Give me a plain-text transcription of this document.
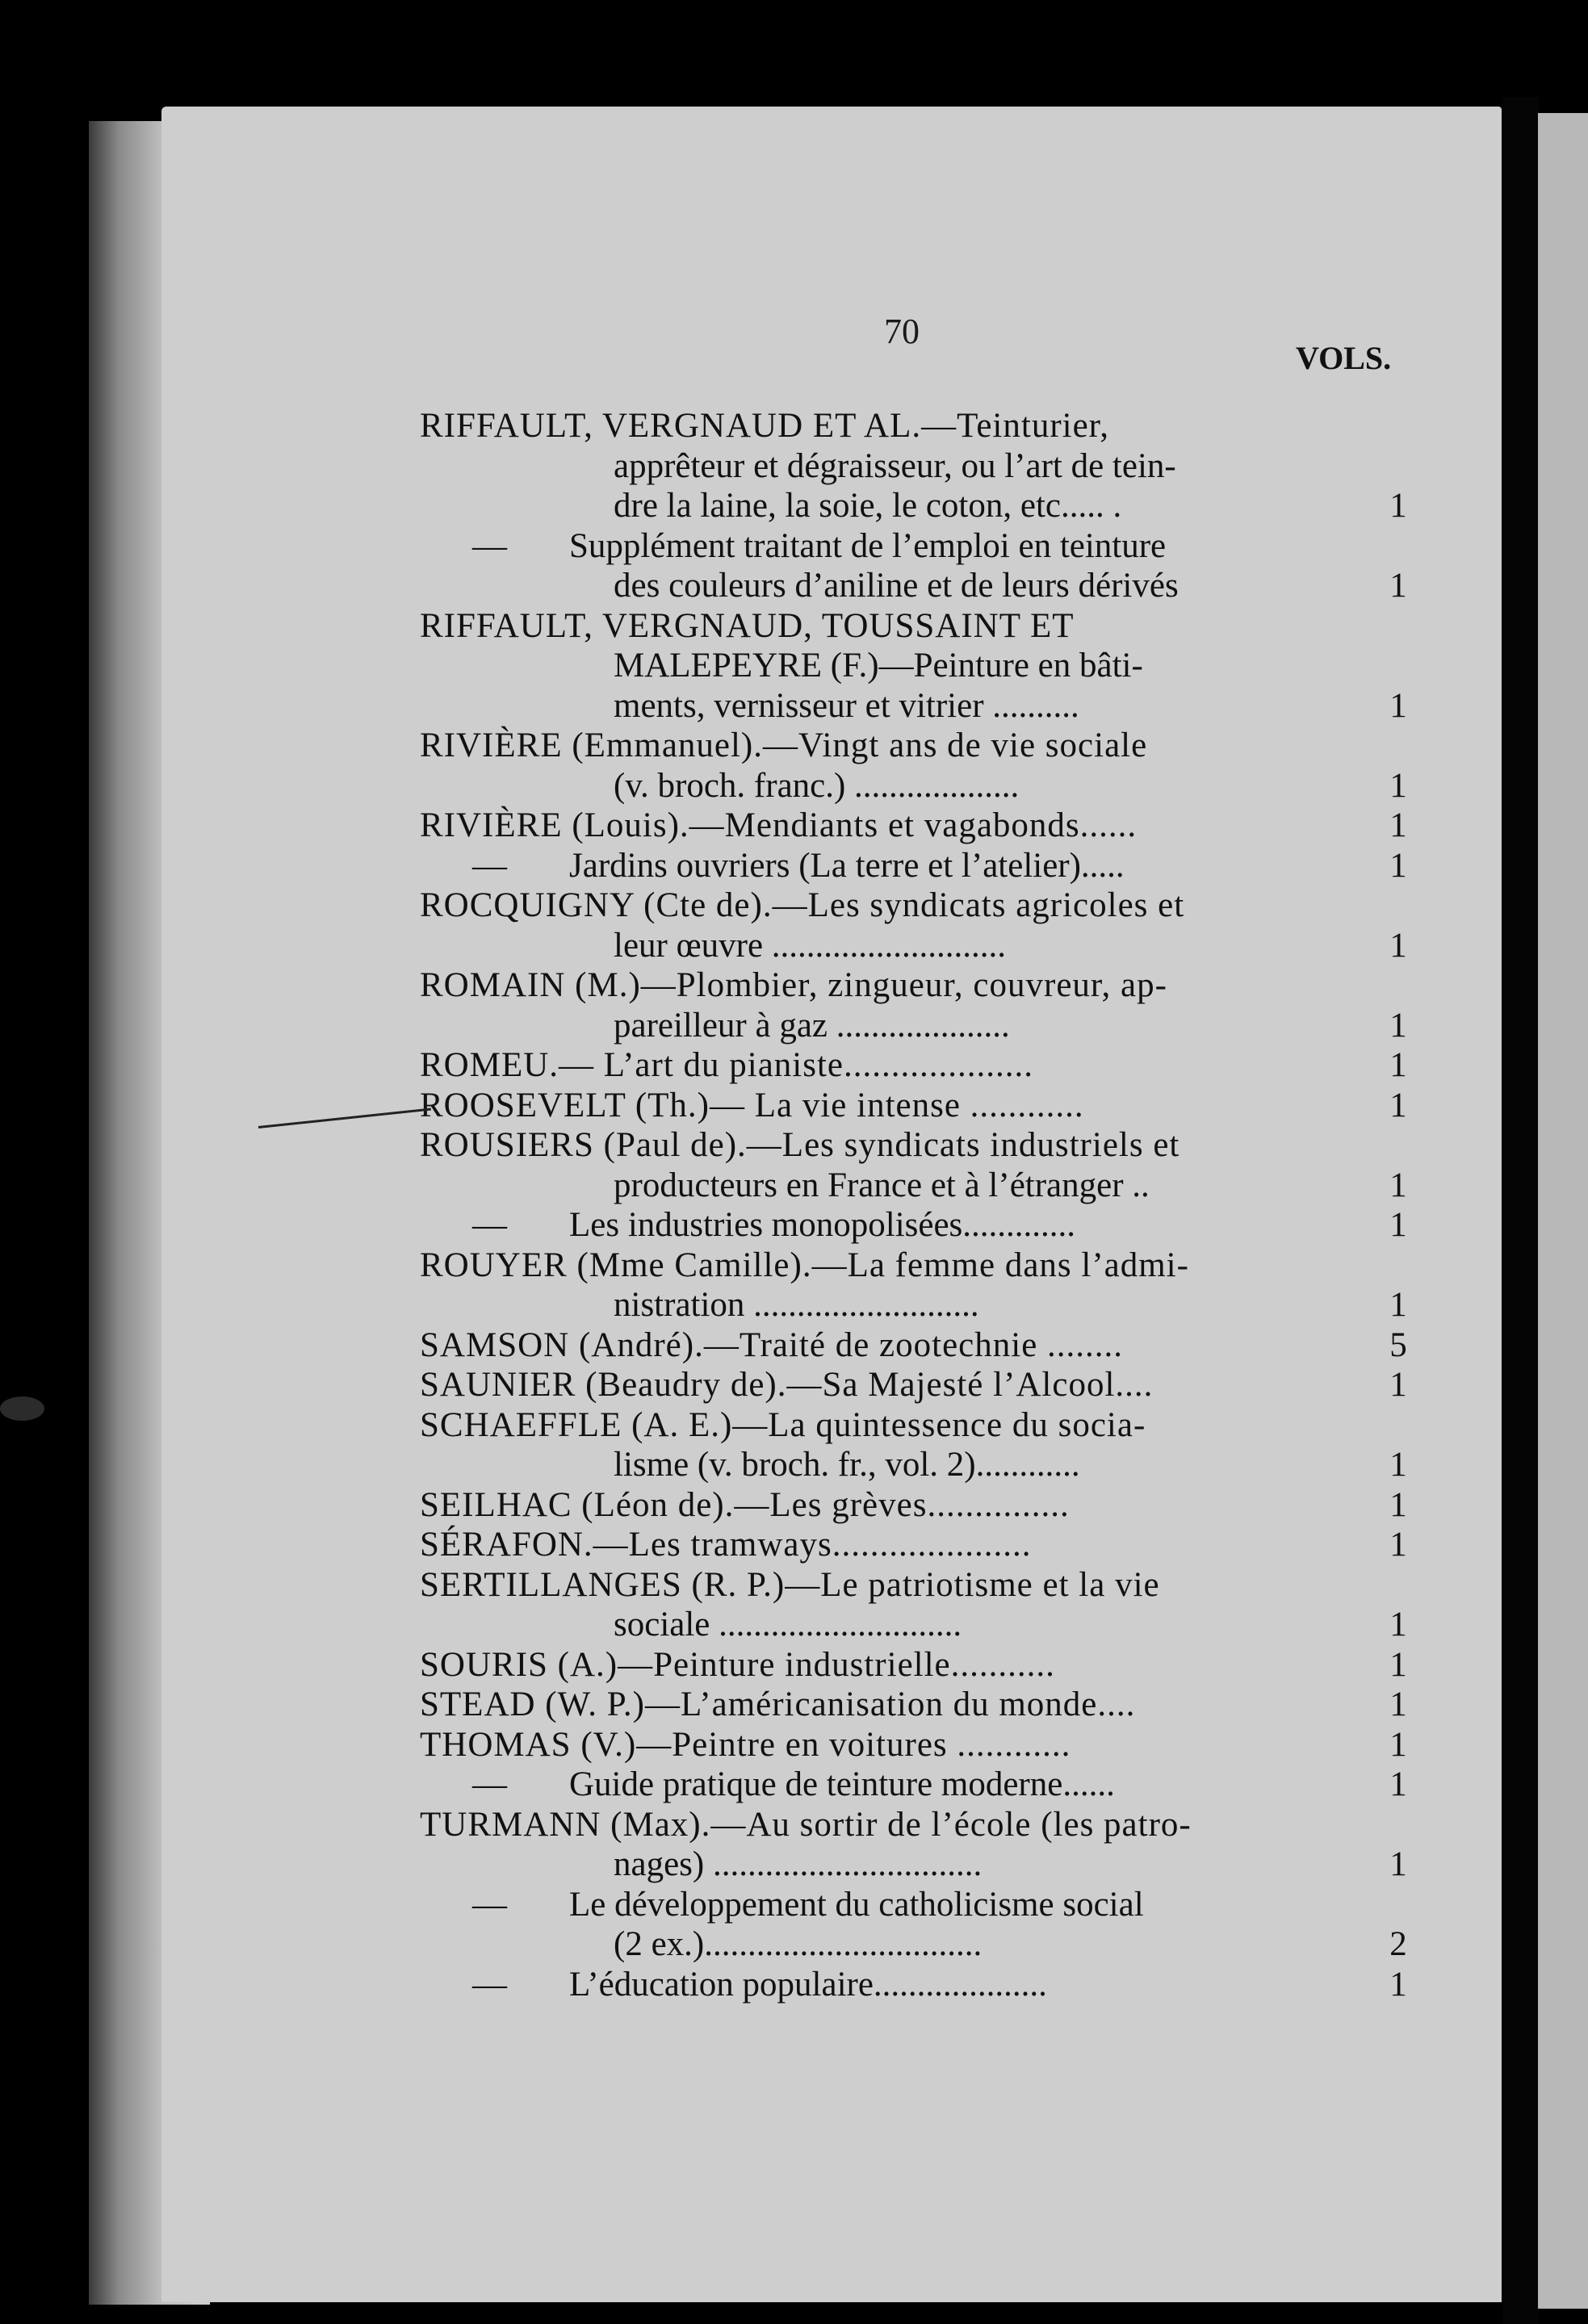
70
VOLS.
RIFFAULT, VERGNAUD ET AL.—Teinturier,
apprêteur et dégraisseur, ou l’art de tein-
dre la laine, la soie, le coton, etc..... .	1
— Supplément traitant de l’emploi en teinture
des couleurs d’aniline et de leurs dérivés	1
RIFFAULT, VERGNAUD, TOUSSAINT ET
MALEPEYRE (F.)—Peinture en bâti-
ments, vernisseur et vitrier ..........	1
RIVIÈRE (Emmanuel).—Vingt ans de vie sociale
(v. broch. franc.) ...................	1
RIVIÈRE (Louis).—Mendiants et vagabonds......	1
— Jardins ouvriers (La terre et l’atelier).....	1
ROCQUIGNY (Cte de).—Les syndicats agricoles et
leur œuvre ...........................	1
ROMAIN (M.)—Plombier, zingueur, couvreur, ap-
pareilleur à gaz ....................	1
ROMEU.— L’art du pianiste....................	1
ROOSEVELT (Th.)— La vie intense ............	1
ROUSIERS (Paul de).—Les syndicats industriels et
producteurs en France et à l’étranger ..	1
— Les industries monopolisées.............	1
ROUYER (Mme Camille).—La femme dans l’admi-
nistration ..........................	1
SAMSON (André).—Traité de zootechnie ........	5
SAUNIER (Beaudry de).—Sa Majesté l’Alcool....	1
SCHAEFFLE (A. E.)—La quintessence du socia-
lisme (v. broch. fr., vol. 2)............	1
SEILHAC (Léon de).—Les grèves...............	1
SÉRAFON.—Les tramways.....................	1
SERTILLANGES (R. P.)—Le patriotisme et la vie
sociale ............................	1
SOURIS (A.)—Peinture industrielle...........	1
STEAD (W. P.)—L’américanisation du monde....	1
THOMAS (V.)—Peintre en voitures ............	1
— Guide pratique de teinture moderne......	1
TURMANN (Max).—Au sortir de l’école (les patro-
nages) ...............................	1
— Le développement du catholicisme social
(2 ex.)................................	2
— L’éducation populaire....................	1
